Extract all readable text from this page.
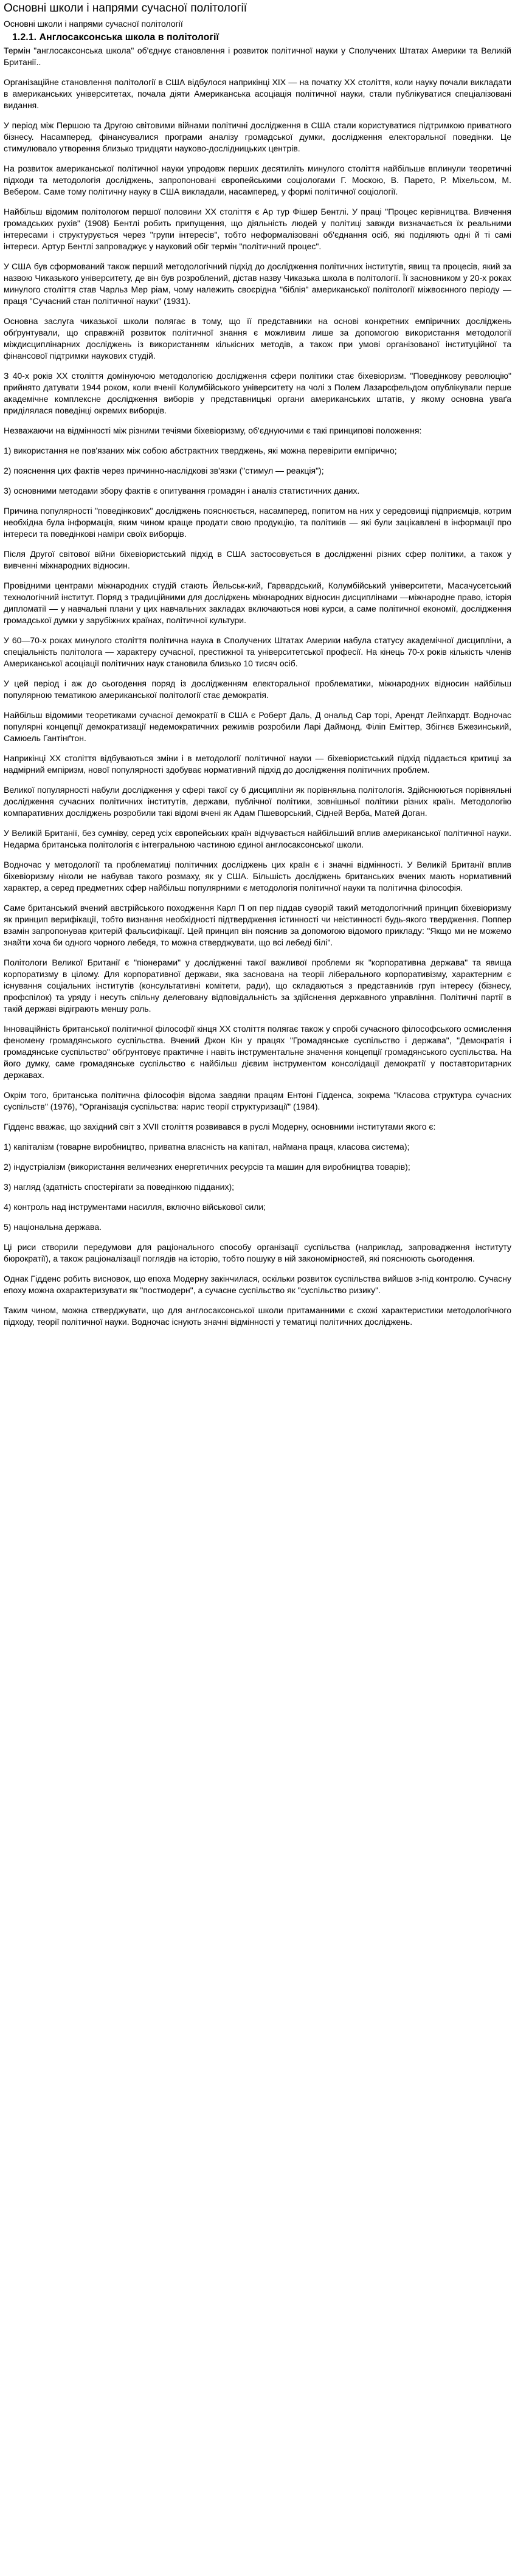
Основні школи і напрями сучасної політології
Основні школи і напрями сучасної політології
1.2.1. Англосаксонська школа в політології

Термін "англосаксонська школа" об'єднує становлення і розвиток політичної науки у Сполучених Штатах Америки та Великій Британії..

Організаційне становлення політології в США відбулося наприкінці XIX — на початку XX століття, коли науку почали викладати в американських університетах, почала діяти Американська асоціація політичної науки, стали публікуватися спеціалізовані видання.

У період між Першою та Другою світовими війнами політичні дослідження в США стали користуватися підтримкою приватного бізнесу. Насамперед, фінансувалися програми аналізу громадської думки, дослідження електоральної поведінки. Це стимулювало утворення близько тридцяти науково-дослідницьких центрів.

На розвиток американської політичної науки упродовж перших десятиліть минулого століття найбільше вплинули теоретичні підходи та методологія досліджень, запропоновані європейськими соціологами Г. Москою, В. Парето, Р. Міхельсом, М. Вебером. Саме тому політичну науку в США викладали, насамперед, у формі політичної соціології.

Найбільш відомим політологом першої половини XX століття є Ар тур Фішер Бентлі. У праці "Процес керівництва. Вивчення громадських рухів" (1908) Бентлі робить припущення, що діяльність людей у політиці завжди визначається їх реальними інтересами і структурується через "групи інтересів", тобто неформалізовані об'єднання осіб, які поділяють одні й ті самі інтереси. Артур Бентлі запроваджує у науковий обіг термін "політичний процес".

У США був сформований також перший методологічний підхід до дослідження політичних інститутів, явищ та процесів, який за назвою Чиказького університету, де він був розроблений, дістав назву Чиказька школа в політології. Її засновником у 20-х роках минулого століття став Чарльз Мер ріам, чому належить своєрідна "біблія" американської політології міжвоєнного періоду — праця "Сучасний стан політичної науки" (1931).

Основна заслуга чиказької школи полягає в тому, що її представники на основі конкретних емпіричних досліджень обґрунтували, що справжній розвиток політичної знання є можливим лише за допомогою використання методології міждисциплінарних досліджень із використанням кількісних методів, а також при умові організованої інституційної та фінансової підтримки наукових студій.

З 40-х років XX століття домінуючою методологією дослідження сфери політики стає біхевіоризм. "Поведінкову революцію" прийнято датувати 1944 роком, коли вченії Колумбійського університету на чолі з Полем Лазарсфельдом опублікували перше академічне комплексне дослідження виборів у представницькі органи американських штатів, у якому основна уваґа приділялася поведінці окремих виборців.

Незважаючи на відмінності між різними течіями біхевіоризму, об'єднуючими є такі принципові положення:

1) використання не пов'язаних між собою абстрактних тверджень, які можна перевірити емпірично;

2) пояснення цих фактів через причинно-наслідкові зв'язки ("стимул — реакція");

3) основними методами збору фактів є опитування громадян і аналіз статистичних даних.

Причина популярності "поведінкових" досліджень пояснюється, насамперед, попитом на них у середовищі підприємців, котрим необхідна була інформація, яким чином краще продати свою продукцію, та політиків — які були зацікавлені в інформації про інтереси та поведінкові наміри своїх виборців.

Після Другої світової війни біхевіористський підхід в США застосовується в дослідженні різних сфер політики, а також у вивченні міжнародних відносин.

Провідними центрами міжнародних студій стають Йельськ-кий, Гарвардський, Колумбійський університети, Масачусетський технологічний інститут. Поряд з традиційними для досліджень міжнародних відносин дисциплінами —міжнародне право, історія дипломатії — у навчальні плани у цих навчальних закладах включаються нові курси, а саме політичної економії, дослідження громадської думки у зарубіжних країнах, політичної культури.

У 60—70-х роках минулого століття політична наука в Сполучених Штатах Америки набула статусу академічної дисципліни, а спеціальність політолога — характеру сучасної, престижної та університетської професії. На кінець 70-х років кількість членів Американської асоціації політичних наук становила близько 10 тисяч осіб.

У цей період і аж до сьогодення поряд із дослідженням електоральної проблематики, міжнародних відносин найбільш популярною тематикою американської політології стає демократія.

Найбільш відомими теоретиками сучасної демократії в США є Роберт Даль, Д ональд Сар торі, Арендт Лейпхардт. Водночас популярні концепції демократизації недемократичних режимів розробили Ларі Даймонд, Філіп Еміттер, Збігнєв Бжезинський, Самюель Гантінґтон.

Наприкінці XX століття відбуваються зміни і в методології політичної науки — біхевіористський підхід піддається критиці за надмірний емпіризм, новoї популярності здобуває нормативний підхід до дослідження політичних проблем.

Великої популярності набули дослідження у сфері такої су б дисципліни як порівняльна політологія. Здійснюються порівняльні дослідження сучасних політичних інститутів, держави, публічної політики, зовнішньої політики різних країн. Методологію компаративних досліджень розробили такі відомі вчені як Адам Пшеворський, Сідней Верба, Матей Доган.

У Великій Британії, без сумніву, серед усіх європейських країн відчувається найбільший вплив американської політичної науки. Недарма британська політологія є інтегральною частиною єдиної англосаксонської школи.

Водночас у методології та проблематиці політичних досліджень цих країн є і значні відмінності. У Великій Британії вплив біхевіоризму ніколи не набував такого розмаху, як у США. Більшість досліджень британських вчених мають нормативний характер, а серед предметних сфер найбільш популярними є методологія політичної науки та політична філософія.

Саме британський вчений австрійського походження Карл П оп пер піддав суворій такий методологічний принцип біхевіоризму як принцип верифікації, тобто визнання необхідності підтвердження істинності чи неістинності будь-якого твердження. Поппер взамін запропонував критерій фальсифікації. Цей принцип він пояснив за допомогою відомого прикладу: "Якщо ми не можемо знайти хоча би одного чорного лебедя, то можна стверджувати, що всі лебеді білі".

Політологи Великої Британії є "піонерами" у дослідженні такої важливої проблеми як "корпоративна держава" та явища корпоратизму в цілому. Для корпоративної держави, яка заснована на теорії ліберального корпоративізму, характерним є існування соціальних інститутів (консультативні комітети, ради), що складаються з представників груп інтересу (бізнесу, профспілок) та уряду і несуть спільну делеговану відповідальність за здійснення державного управління. Політичні партії в такій державі відіграють меншу роль.

Інноваційність британської політичної філософії кінця XX століття полягає також у спробі сучасного філософського осмислення феномену громадянського суспільства. Вчений Джон Кін у працях "Громадянське суспільство і держава", "Демократія і громадянське суспільство" обґрунтовує практичне і навіть інструментальне значення концепції громадянського суспільства. На його думку, саме громадянське суспільство є найбільш дієвим інструментом консолідації демократії у поставторитарних державах.

Окрім того, британська політична філософія відома завдяки працям Ентоні Гідденса, зокрема "Класова структура сучасних суспільств" (1976), "Організація суспільства: нарис теорії структуризації" (1984).

Гідденс вважає, що західний світ з XVII століття розвивався в руслі Модерну, основними інститутами якого є:

1) капіталізм (товарне виробництво, приватна власність на капітал, наймана праця, класова система);

2) індустріалізм (використання величезних енергетичних ресурсів та машин для виробництва товарів);

3) нагляд (здатність спостерігати за поведінкою підданих);

4) контроль над інструментами насилля, включно військової сили;

5) національна держава.

Ці риси створили передумови для раціонального способу організації суспільства (наприклад, запровадження інституту бюрократії), а також раціоналізації поглядів на історію, тобто пошуку в ній закономірностей, які пояснюють сьогодення.

Однак Гідденс робить висновок, що епоха Модерну закінчилася, оскільки розвиток суспільства вийшов з-під контролю. Сучасну епоху можна охарактеризувати як "постмодерн", а сучасне суспільство як "суспільство ризику".

Таким чином, можна стверджувати, що для англосаксонської школи притаманними є схожі характеристики методологічного підходу, теорії політичної науки. Водночас існують значні відмінності у тематиці політичних досліджень.
